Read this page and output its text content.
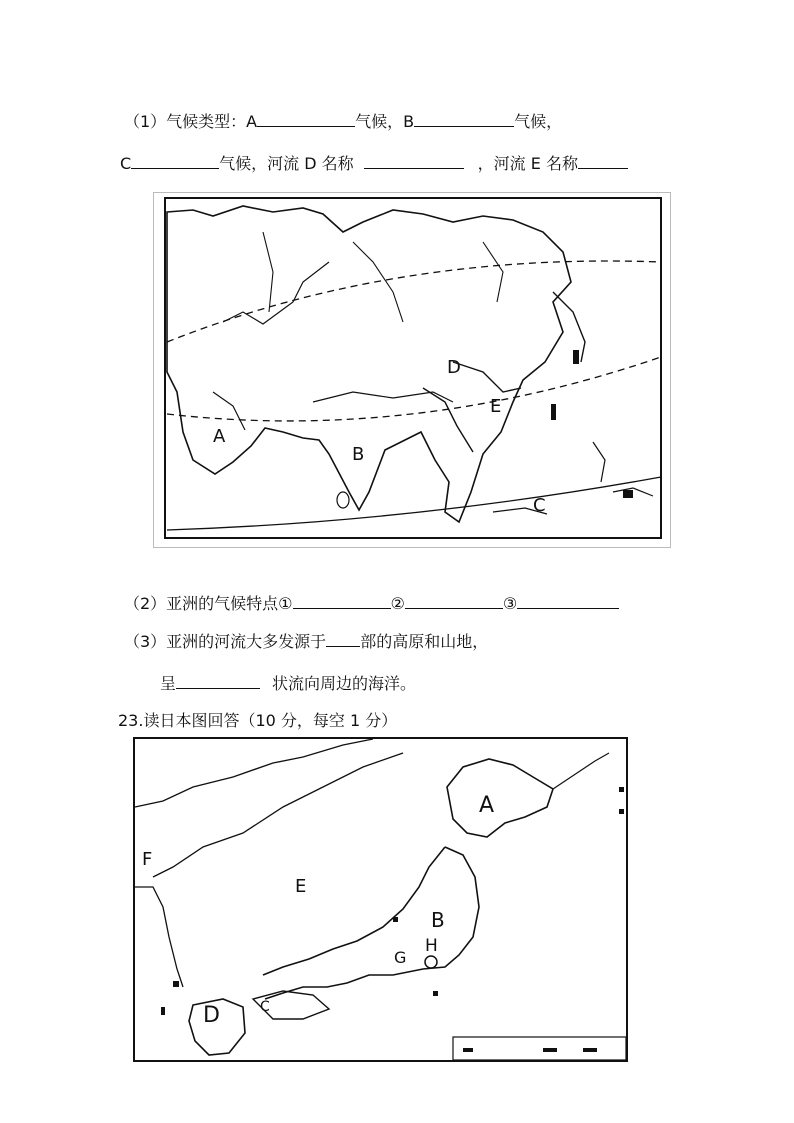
（1）气候类型：A	气候，B	气候，
C	气候，河流 D 名称	，河流 E 名称
A
B
C
D
E
（2）亚洲的气候特点①	②	③
（3）亚洲的河流大多发源于 部的高原和山地，
呈	状流向周边的海洋。
23.读日本图回答（10 分，每空 1 分）
A
B
C
D
E
F
G
H
